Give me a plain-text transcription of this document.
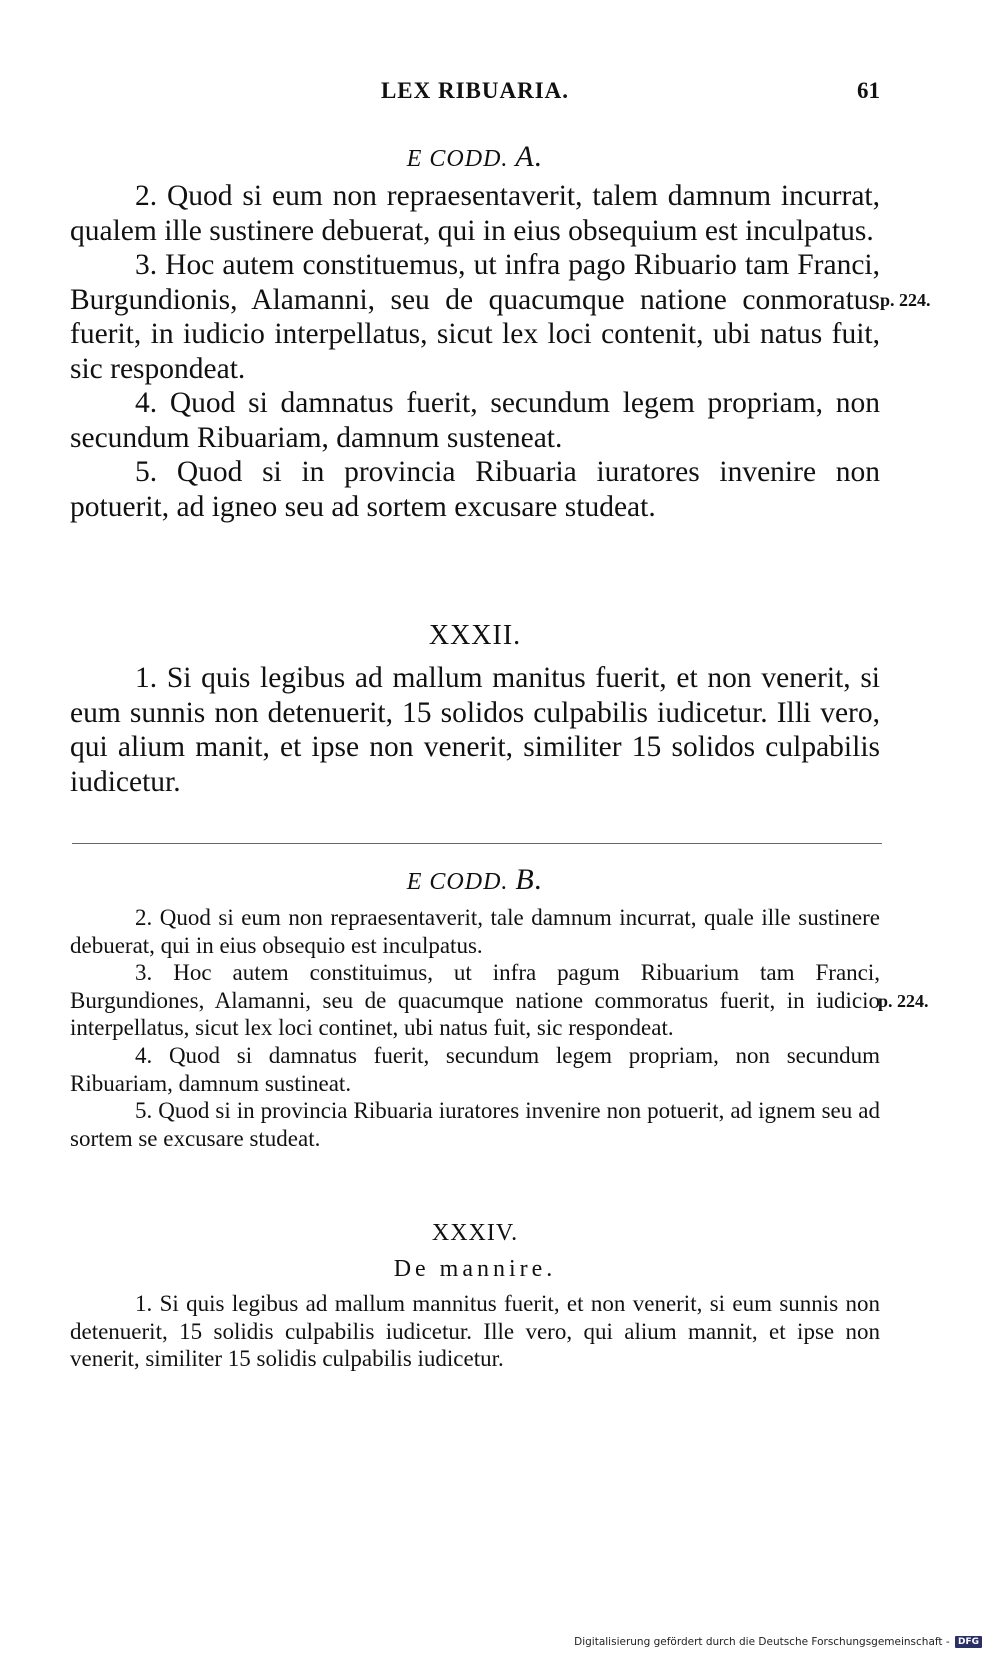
LEX RIBUARIA.	61
E CODD. A.

2. Quod si eum non repraesentaverit, talem damnum incurrat, qualem ille sustinere debuerat, qui in eius obsequium est inculpatus.

3. Hoc autem constituemus, ut infra pago Ribuario tam Franci, Burgundionis, Alamanni, seu de quacumque natione conmoratus fuerit, in iudicio interpellatus, sicut lex loci contenit, ubi natus fuit, sic respondeat.

4. Quod si damnatus fuerit, secundum legem propriam, non secundum Ribuariam, damnum susteneat.

5. Quod si in provincia Ribuaria iuratores invenire non potuerit, ad igneo seu ad sortem excusare studeat.

p. 224.
XXXII.

1. Si quis legibus ad mallum manitus fuerit, et non venerit, si eum sunnis non detenuerit, 15 solidos culpabilis iudicetur. Illi vero, qui alium manit, et ipse non venerit, similiter 15 solidos culpabilis iudicetur.

E CODD. B.

2. Quod si eum non repraesentaverit, tale damnum incurrat, quale ille sustinere debuerat, qui in eius obsequio est inculpatus.

3. Hoc autem constituimus, ut infra pagum Ribuarium tam Franci, Burgundiones, Alamanni, seu de quacumque natione commoratus fuerit, in iudicio interpellatus, sicut lex loci continet, ubi natus fuit, sic respondeat.

4. Quod si damnatus fuerit, secundum legem propriam, non secundum Ribuariam, damnum sustineat.

5. Quod si in provincia Ribuaria iuratores invenire non potuerit, ad ignem seu ad sortem se excusare studeat.

p. 224.
XXXIV.
De mannire.

1. Si quis legibus ad mallum mannitus fuerit, et non venerit, si eum sunnis non detenuerit, 15 solidis culpabilis iudicetur. Ille vero, qui alium mannit, et ipse non venerit, similiter 15 solidis culpabilis iudicetur.

Digitalisierung gefördert durch die Deutsche Forschungsgemeinschaft - DFG
